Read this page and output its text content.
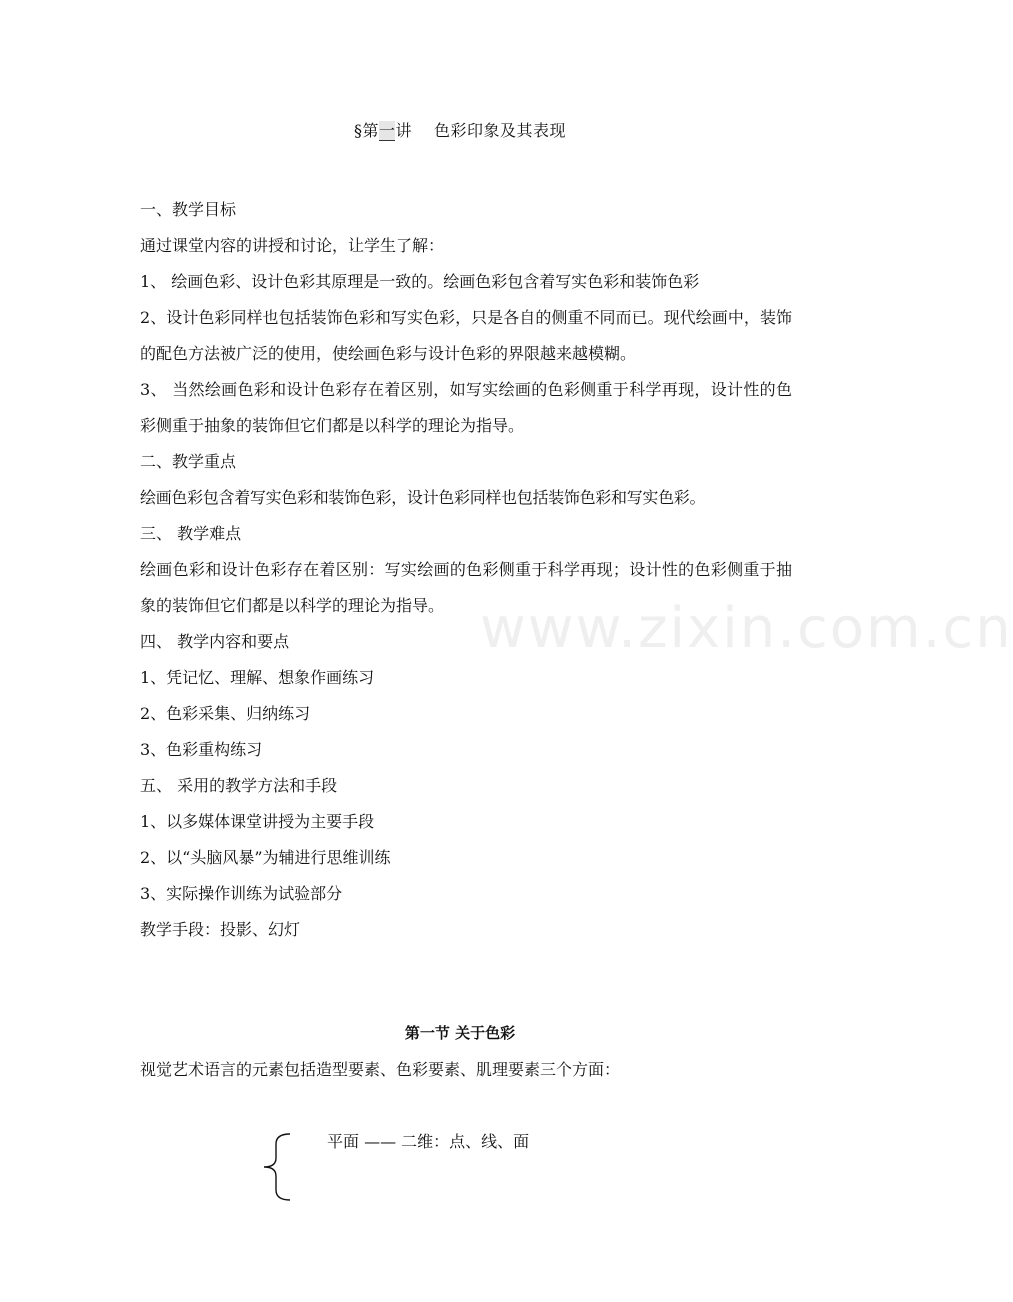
§第一讲　 色彩印象及其表现

一、教学目标

通过课堂内容的讲授和讨论，让学生了解：

1、 绘画色彩、设计色彩其原理是一致的。绘画色彩包含着写实色彩和装饰色彩

2、设计色彩同样也包括装饰色彩和写实色彩，只是各自的侧重不同而已。现代绘画中，装饰的配色方法被广泛的使用，使绘画色彩与设计色彩的界限越来越模糊。

3、 当然绘画色彩和设计色彩存在着区别，如写实绘画的色彩侧重于科学再现，设计性的色彩侧重于抽象的装饰但它们都是以科学的理论为指导。

二、教学重点

绘画色彩包含着写实色彩和装饰色彩，设计色彩同样也包括装饰色彩和写实色彩。

三、 教学难点

绘画色彩和设计色彩存在着区别：写实绘画的色彩侧重于科学再现；设计性的色彩侧重于抽象的装饰但它们都是以科学的理论为指导。

四、 教学内容和要点

1、凭记忆、理解、想象作画练习

2、色彩采集、归纳练习

3、色彩重构练习

五、 采用的教学方法和手段

1、以多媒体课堂讲授为主要手段

2、以“头脑风暴”为辅进行思维训练

3、实际操作训练为试验部分

教学手段：投影、幻灯

www.zixin.com.cn
第一节 关于色彩
视觉艺术语言的元素包括造型要素、色彩要素、肌理要素三个方面：
平面 —— 二维：点、线、面
